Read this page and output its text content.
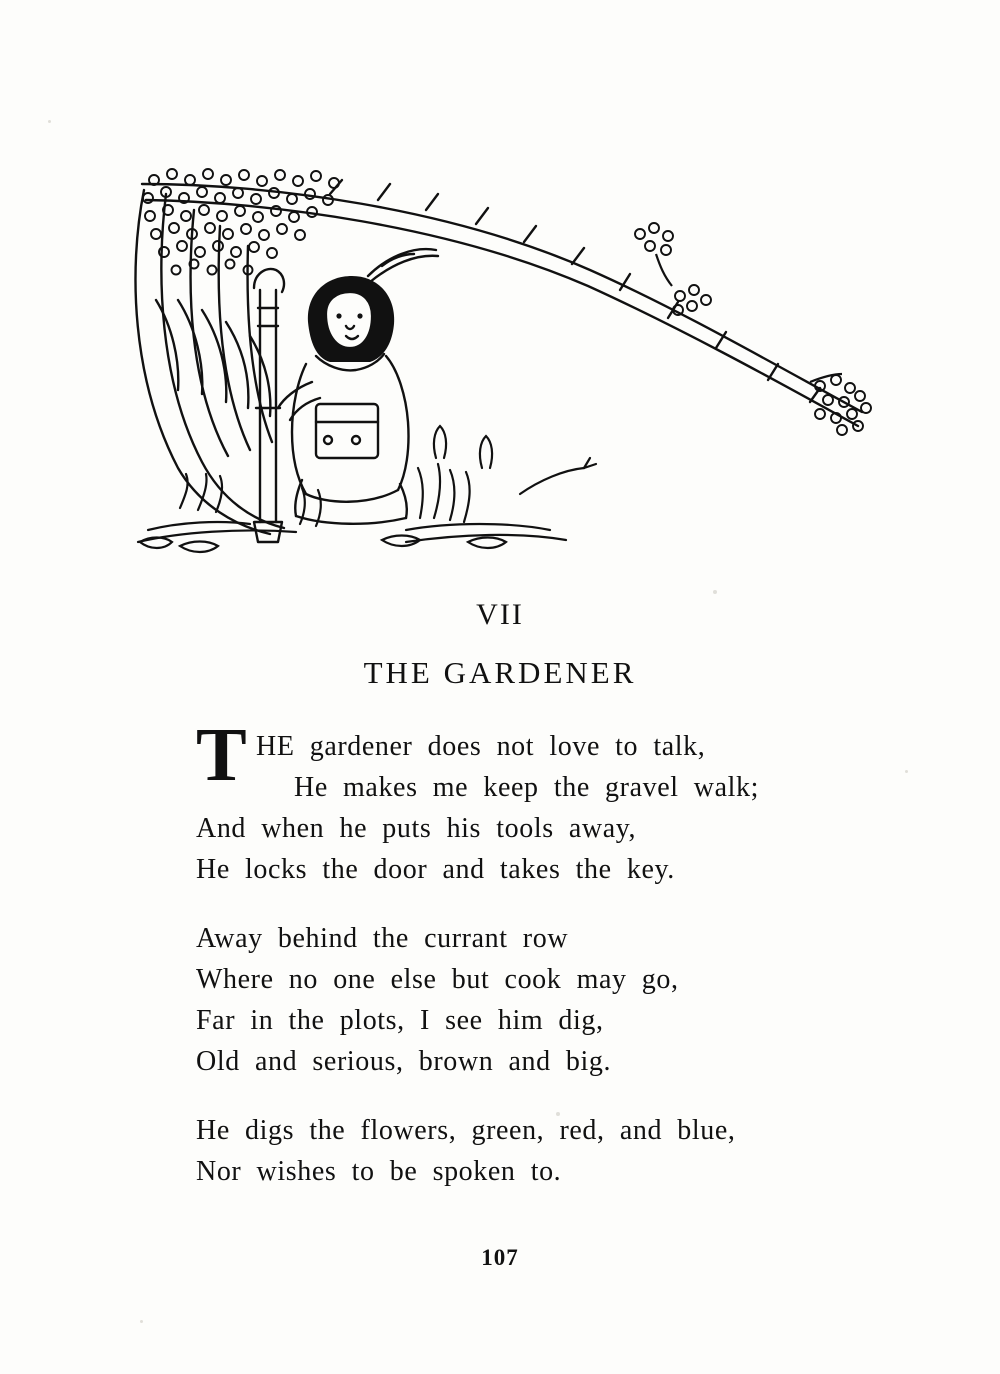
VII
THE GARDENER
T HE  gardener  does  not  love  to  talk,
He  makes  me  keep  the  gravel  walk;
And  when  he  puts  his  tools  away,
He  locks  the  door  and  takes  the  key.
Away  behind  the  currant  row
Where  no  one  else  but  cook  may  go,
Far  in  the  plots,  I  see  him  dig,
Old  and  serious,  brown  and  big.
He  digs  the  flowers,  green,  red,  and  blue,
Nor  wishes  to  be  spoken  to.
107
